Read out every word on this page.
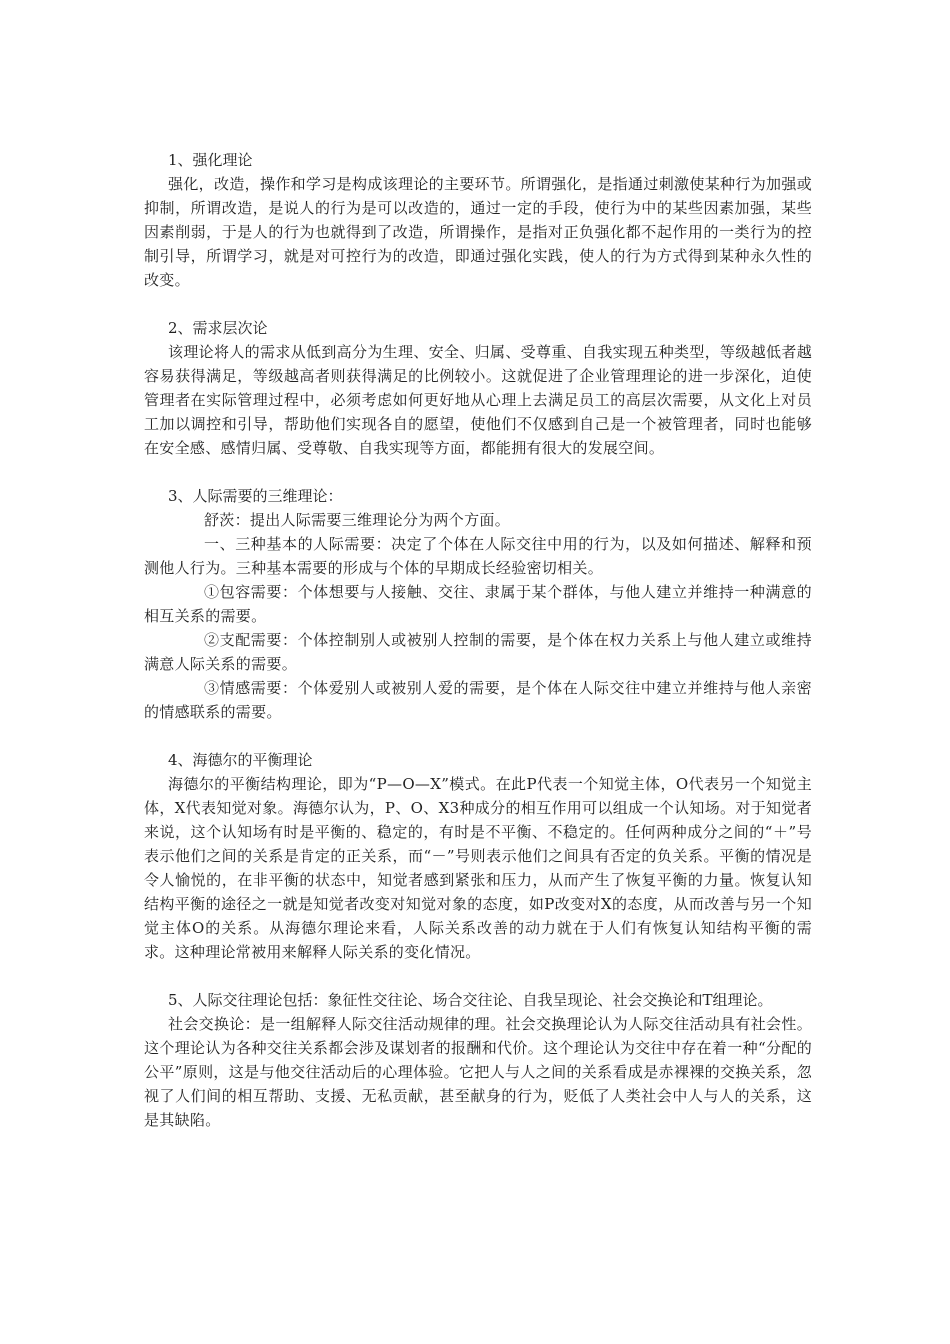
1、强化理论

强化，改造，操作和学习是构成该理论的主要环节。所谓强化，是指通过刺激使某种行为加强或抑制，所谓改造，是说人的行为是可以改造的，通过一定的手段，使行为中的某些因素加强，某些因素削弱，于是人的行为也就得到了改造，所谓操作，是指对正负强化都不起作用的一类行为的控制引导，所谓学习，就是对可控行为的改造，即通过强化实践，使人的行为方式得到某种永久性的改变。

2、需求层次论

该理论将人的需求从低到高分为生理、安全、归属、受尊重、自我实现五种类型，等级越低者越容易获得满足，等级越高者则获得满足的比例较小。这就促进了企业管理理论的进一步深化，迫使管理者在实际管理过程中，必须考虑如何更好地从心理上去满足员工的高层次需要，从文化上对员工加以调控和引导，帮助他们实现各自的愿望，使他们不仅感到自己是一个被管理者，同时也能够在安全感、感情归属、受尊敬、自我实现等方面，都能拥有很大的发展空间。

3、人际需要的三维理论：

舒茨：提出人际需要三维理论分为两个方面。

一、三种基本的人际需要：决定了个体在人际交往中用的行为，以及如何描述、解释和预测他人行为。三种基本需要的形成与个体的早期成长经验密切相关。

①包容需要：个体想要与人接触、交往、隶属于某个群体，与他人建立并维持一种满意的相互关系的需要。

②支配需要：个体控制别人或被别人控制的需要，是个体在权力关系上与他人建立或维持满意人际关系的需要。

③情感需要：个体爱别人或被别人爱的需要，是个体在人际交往中建立并维持与他人亲密的情感联系的需要。

4、海德尔的平衡理论

海德尔的平衡结构理论，即为“P—O—X”模式。在此P代表一个知觉主体，O代表另一个知觉主体，X代表知觉对象。海德尔认为，P、O、X3种成分的相互作用可以组成一个认知场。对于知觉者来说，这个认知场有时是平衡的、稳定的，有时是不平衡、不稳定的。任何两种成分之间的“＋”号表示他们之间的关系是肯定的正关系，而“－”号则表示他们之间具有否定的负关系。平衡的情况是令人愉悦的，在非平衡的状态中，知觉者感到紧张和压力，从而产生了恢复平衡的力量。恢复认知结构平衡的途径之一就是知觉者改变对知觉对象的态度，如P改变对X的态度，从而改善与另一个知觉主体O的关系。从海德尔理论来看，人际关系改善的动力就在于人们有恢复认知结构平衡的需求。这种理论常被用来解释人际关系的变化情况。

5、人际交往理论包括：象征性交往论、场合交往论、自我呈现论、社会交换论和T组理论。

社会交换论：是一组解释人际交往活动规律的理。社会交换理论认为人际交往活动具有社会性。这个理论认为各种交往关系都会涉及谋划者的报酬和代价。这个理论认为交往中存在着一种“分配的公平”原则，这是与他交往活动后的心理体验。它把人与人之间的关系看成是赤裸裸的交换关系，忽视了人们间的相互帮助、支援、无私贡献，甚至献身的行为，贬低了人类社会中人与人的关系，这是其缺陷。
